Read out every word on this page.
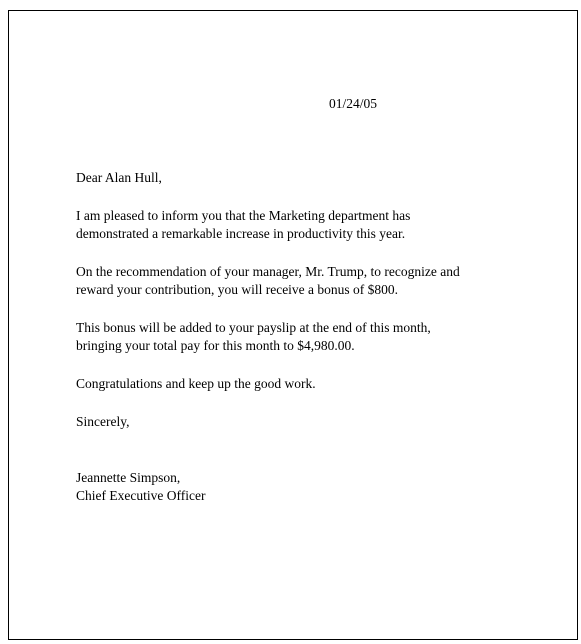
01/24/05

Dear Alan Hull,

I am pleased to inform you that the Marketing department has
demonstrated a remarkable increase in productivity this year.

On the recommendation of your manager, Mr. Trump, to recognize and
reward your contribution, you will receive a bonus of $800.

This bonus will be added to your payslip at the end of this month,
bringing your total pay for this month to $4,980.00.

Congratulations and keep up the good work.

Sincerely,

Jeannette Simpson,
Chief Executive Officer
